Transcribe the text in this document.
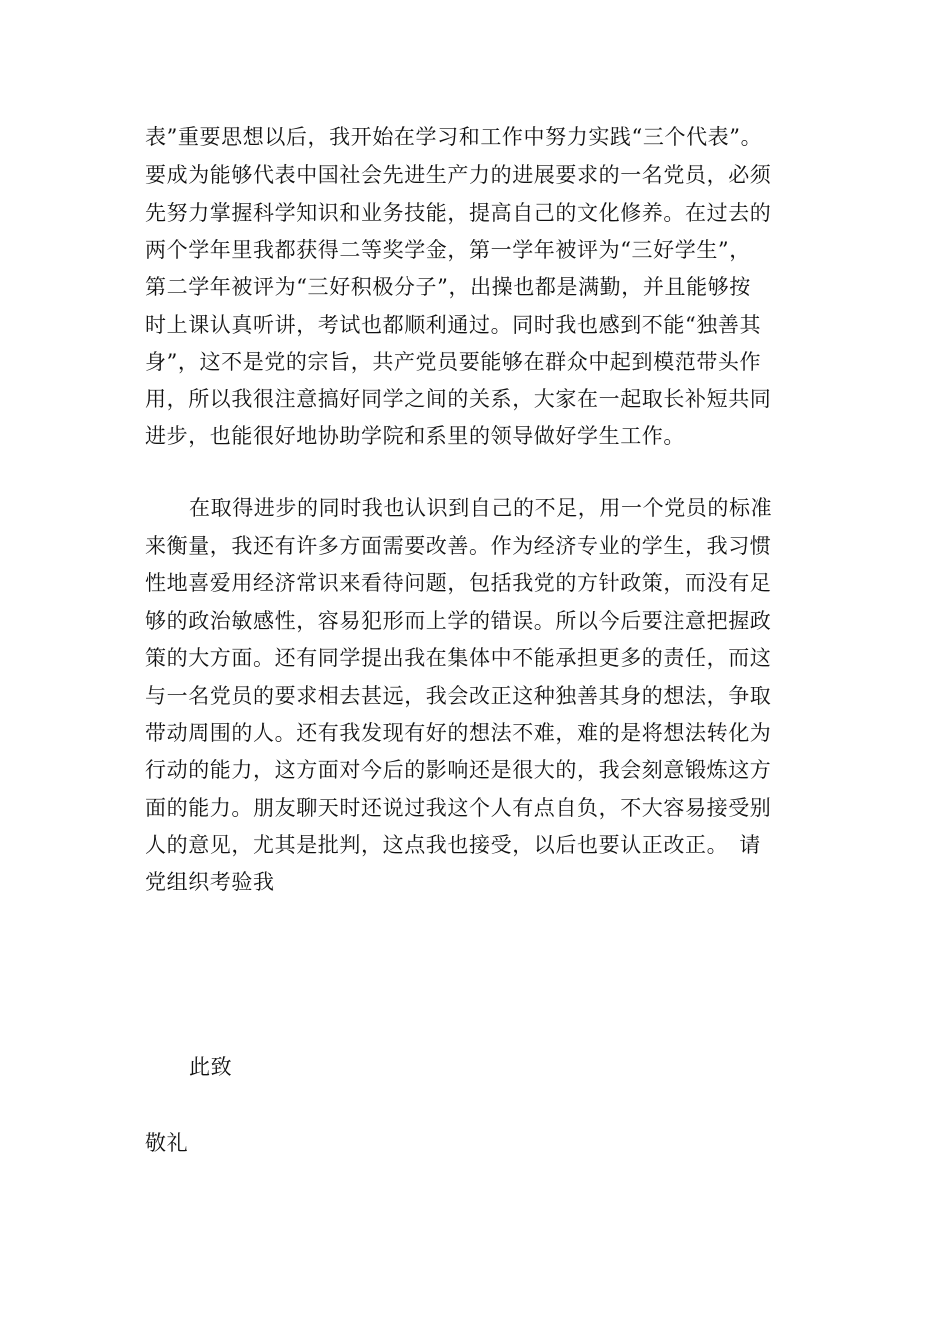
表”重要思想以后，我开始在学习和工作中努力实践“三个代表”。
要成为能够代表中国社会先进生产力的进展要求的一名党员，必须
先努力掌握科学知识和业务技能，提高自己的文化修养。在过去的
两个学年里我都获得二等奖学金，第一学年被评为“三好学生”，
第二学年被评为“三好积极分子”，出操也都是满勤，并且能够按
时上课认真听讲，考试也都顺利通过。同时我也感到不能“独善其
身”，这不是党的宗旨，共产党员要能够在群众中起到模范带头作
用，所以我很注意搞好同学之间的关系，大家在一起取长补短共同
进步，也能很好地协助学院和系里的领导做好学生工作。
在取得进步的同时我也认识到自己的不足，用一个党员的标准
来衡量，我还有许多方面需要改善。作为经济专业的学生，我习惯
性地喜爱用经济常识来看待问题，包括我党的方针政策，而没有足
够的政治敏感性，容易犯形而上学的错误。所以今后要注意把握政
策的大方面。还有同学提出我在集体中不能承担更多的责任，而这
与一名党员的要求相去甚远，我会改正这种独善其身的想法，争取
带动周围的人。还有我发现有好的想法不难，难的是将想法转化为
行动的能力，这方面对今后的影响还是很大的，我会刻意锻炼这方
面的能力。朋友聊天时还说过我这个人有点自负，不大容易接受别
人的意见，尤其是批判，这点我也接受，以后也要认正改正。　请
党组织考验我
此致
敬礼
